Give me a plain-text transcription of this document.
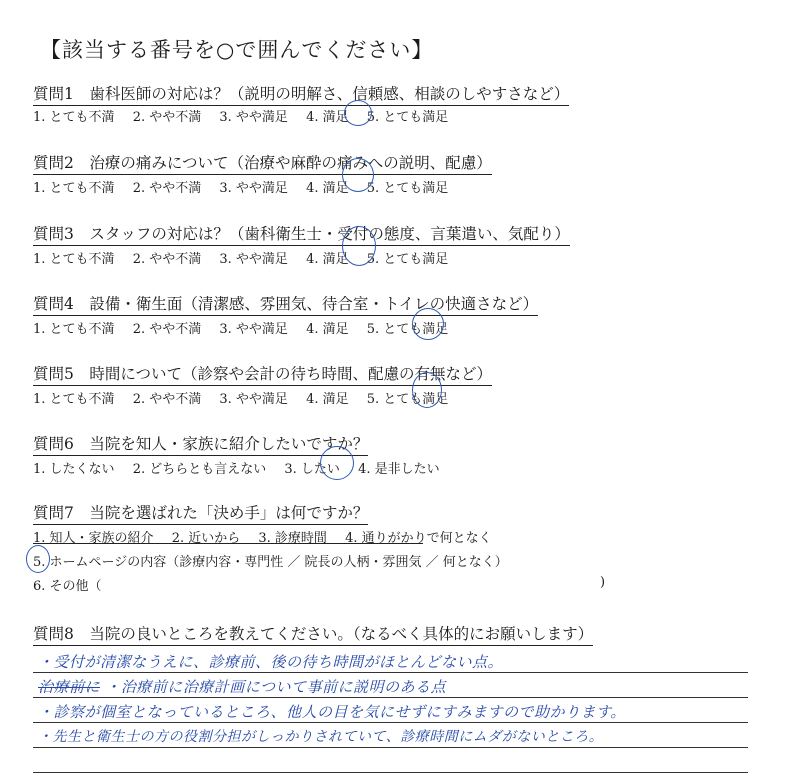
【該当する番号を○で囲んでください】
質問1　歯科医師の対応は？（説明の明解さ、信頼感、相談のしやすさなど）
1. とても不満 2. やや不満 3. やや満足 4. 満足 5. とても満足
質問2　治療の痛みについて（治療や麻酔の痛みへの説明、配慮）
1. とても不満 2. やや不満 3. やや満足 4. 満足 5. とても満足
質問3　スタッフの対応は？（歯科衛生士・受付の態度、言葉遣い、気配り）
1. とても不満 2. やや不満 3. やや満足 4. 満足 5. とても満足
質問4　設備・衛生面（清潔感、雰囲気、待合室・トイレの快適さなど）
1. とても不満 2. やや不満 3. やや満足 4. 満足 5. とても満足
質問5　時間について（診察や会計の待ち時間、配慮の有無など）
1. とても不満 2. やや不満 3. やや満足 4. 満足 5. とても満足
質問6　当院を知人・家族に紹介したいですか？
1. したくない 2. どちらとも言えない 3. したい 4. 是非したい
質問7　当院を選ばれた「決め手」は何ですか？
1. 知人・家族の紹介 2. 近いから 3. 診療時間 4. 通りがかりで何となく
5. ホームページの内容（診療内容・専門性 ／ 院長の人柄・雰囲気 ／ 何となく）
6. その他（	)
質問8　当院の良いところを教えてください。（なるべく具体的にお願いします）
・受付が清潔なうえに、診療前、後の待ち時間がほとんどない点。
治療前に ・治療前に治療計画について事前に説明のある点
・診察が個室となっているところ、他人の目を気にせずにすみますので助かります。
・先生と衛生士の方の役割分担がしっかりされていて、診療時間にムダがないところ。
